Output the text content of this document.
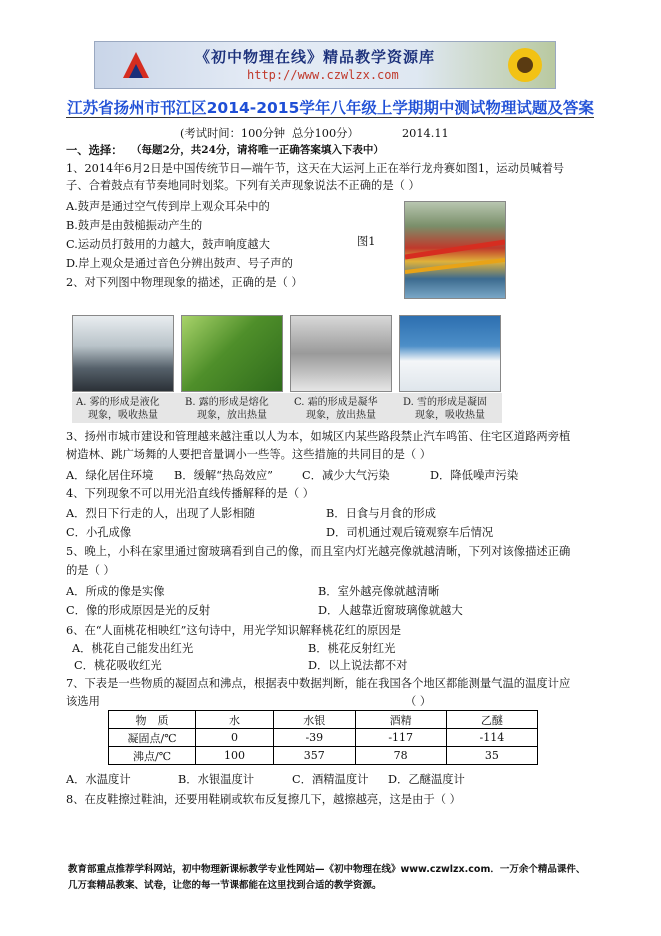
《初中物理在线》精品教学资源库
http://www.czwlzx.com
江苏省扬州市邗江区2014-2015学年八年级上学期期中测试物理试题及答案
(考试时间：100分钟 总分100分）	2014.11
一、选择： （每题2分，共24分，请将唯一正确答案填入下表中）
1、2014年6月2日是中国传统节日—端午节，这天在大运河上正在举行龙舟赛如图1，运动员喊着号
子、合着鼓点有节奏地同时划桨。下列有关声现象说法不正确的是（ ）
A.鼓声是通过空气传到岸上观众耳朵中的
B.鼓声是由鼓槌振动产生的
C.运动员打鼓用的力越大，鼓声响度越大
D.岸上观众是通过音色分辨出鼓声、号子声的
图1
2、对下列图中物理现象的描述，正确的是（ ）
A. 雾的形成是液化
现象，吸收热量
B. 露的形成是熔化
现象，放出热量
C. 霜的形成是凝华
现象，放出热量
D. 雪的形成是凝固
现象，吸收热量
3、扬州市城市建设和管理越来越注重以人为本，如城区内某些路段禁止汽车鸣笛、住宅区道路两旁植
树造林、跳广场舞的人要把音量调小一些等。这些措施的共同目的是（ ）
A．绿化居住环境 B．缓解“热岛效应”	C．减少大气污染	D．降低噪声污染
4、下列现象不可以用光沿直线传播解释的是（ ）
A．烈日下行走的人，出现了人影相随	B．日食与月食的形成
C．小孔成像	D．司机通过观后镜观察车后情况
5、晚上，小科在家里通过窗玻璃看到自己的像，而且室内灯光越亮像就越清晰，下列对该像描述正确
的是（ ）
A．所成的像是实像	B．室外越亮像就越清晰
C．像的形成原因是光的反射	D．人越靠近窗玻璃像就越大
6、在“人面桃花相映红”这句诗中，用光学知识解释桃花红的原因是
A．桃花自己能发出红光	B．桃花反射红光
C．桃花吸收红光	D．以上说法都不对
7、下表是一些物质的凝固点和沸点，根据表中数据判断，能在我国各个地区都能测量气温的温度计应
该选用	（ ）
物　质	水	水银	酒精	乙醚
凝固点/℃	0	-39	-117	-114
沸点/℃	100	357	78	35
A．水温度计	B．水银温度计	C．酒精温度计 D．乙醚温度计
8、在皮鞋擦过鞋油，还要用鞋刷或软布反复擦几下，越擦越亮，这是由于（ ）
教育部重点推荐学科网站，初中物理新课标教学专业性网站—《初中物理在线》www.czwlzx.com．一万余个精品课件、
几万套精品教案、试卷，让您的每一节课都能在这里找到合适的教学资源。
